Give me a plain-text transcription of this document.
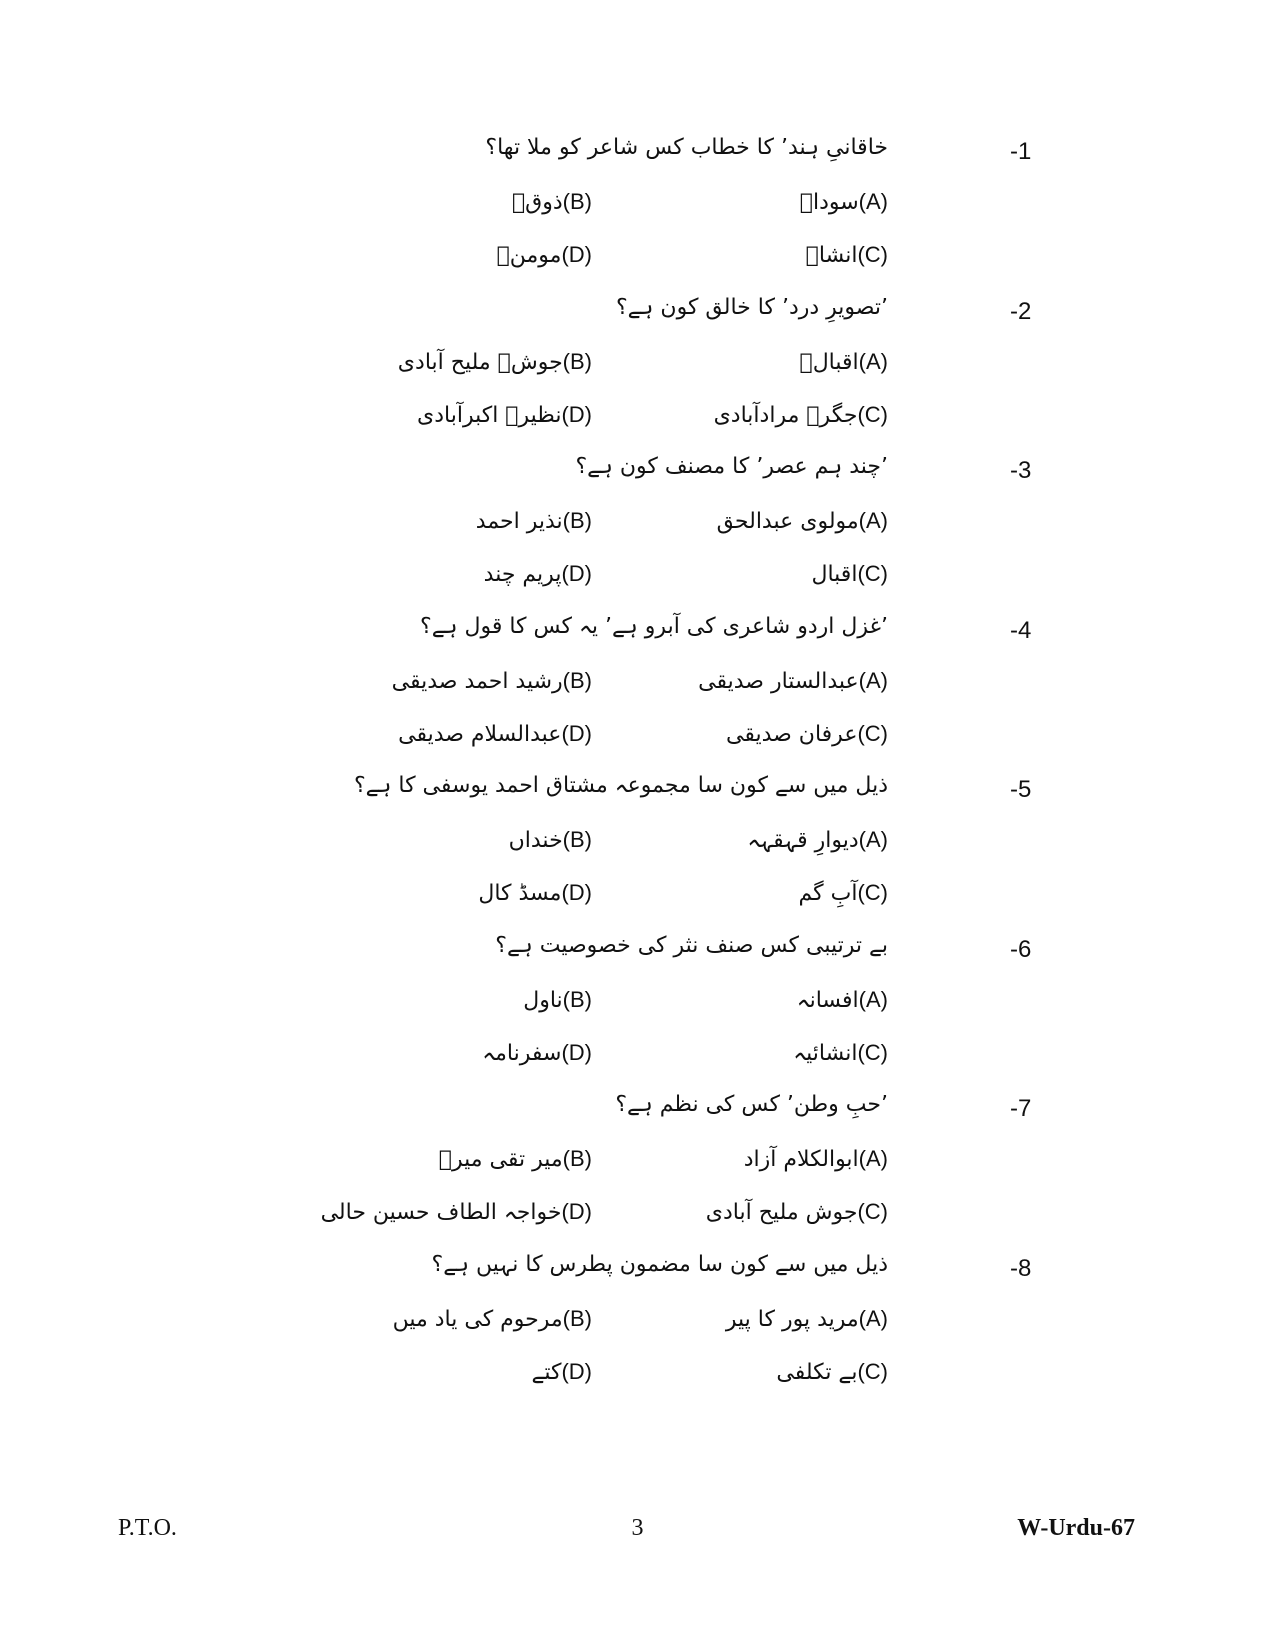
-1
خاقانیِ ہند٬ کا خطاب کس شاعر کو ملا تھا؟
(A)سوداؔ
(B)ذوقؔ
(C)انشاؔ
(D)مومنؔ
-2
٬تصویرِ درد٬ کا خالق کون ہے؟
(A)اقبالؔ
(B)جوشؔ ملیح آبادی
(C)جگرؔ مرادآبادی
(D)نظیرؔ اکبرآبادی
-3
٬چند ہم عصر٬ کا مصنف کون ہے؟
(A)مولوی عبدالحق
(B)نذیر احمد
(C)اقبال
(D)پریم چند
-4
٬غزل اردو شاعری کی آبرو ہے٬ یہ کس کا قول ہے؟
(A)عبدالستار صدیقی
(B)رشید احمد صدیقی
(C)عرفان صدیقی
(D)عبدالسلام صدیقی
-5
ذیل میں سے کون سا مجموعہ مشتاق احمد یوسفی کا ہے؟
(A)دیوارِ قہقہہ
(B)خنداں
(C)آبِ گم
(D)مسڈ کال
-6
بے ترتیبی کس صنف نثر کی خصوصیت ہے؟
(A)افسانہ
(B)ناول
(C)انشائیہ
(D)سفرنامہ
-7
٬حبِ وطن٬ کس کی نظم ہے؟
(A)ابوالکلام آزاد
(B)میر تقی میرؔ
(C)جوش ملیح آبادی
(D)خواجہ الطاف حسین حالی
-8
ذیل میں سے کون سا مضمون پطرس کا نہیں ہے؟
(A)مرید پور کا پیر
(B)مرحوم کی یاد میں
(C)بے تکلفی
(D)کتے
P.T.O.	3	W-Urdu-67
